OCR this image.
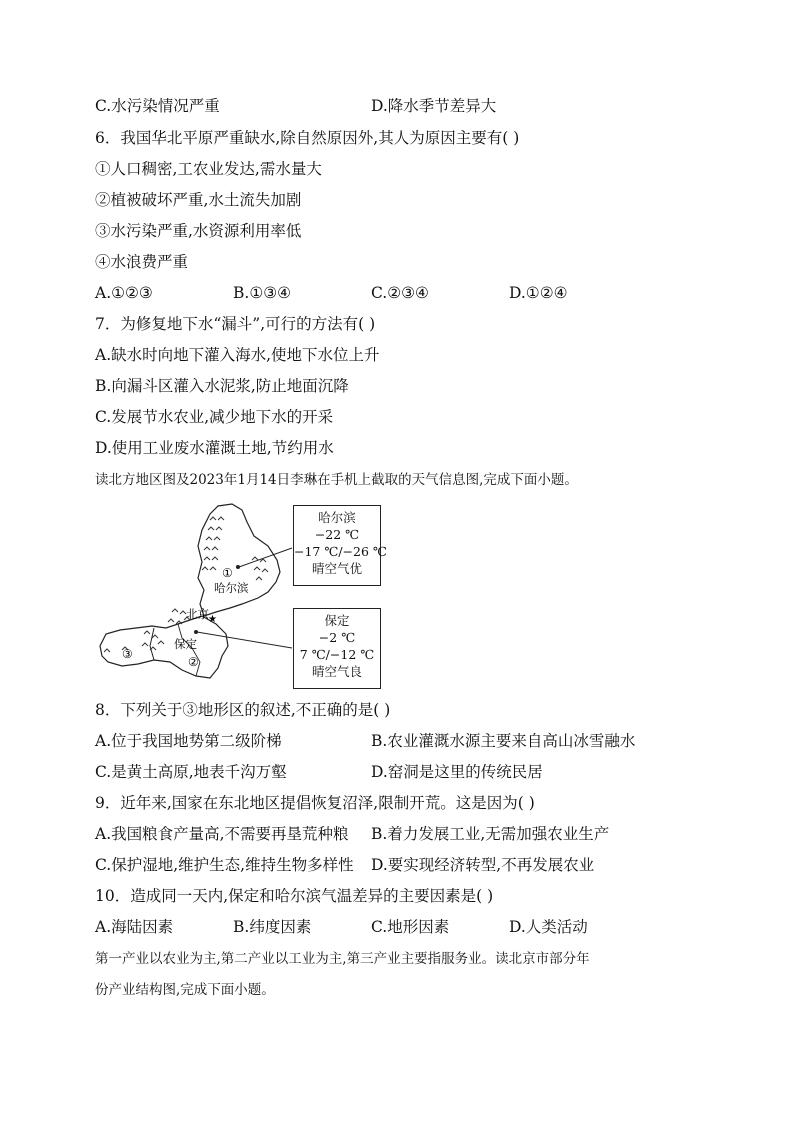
C.水污染情况严重	D.降水季节差异大
6．我国华北平原严重缺水,除自然原因外,其人为原因主要有( )
①人口稠密,工农业发达,需水量大
②植被破坏严重,水土流失加剧
③水污染严重,水资源利用率低
④水浪费严重
A.①②③	B.①③④	C.②③④	D.①②④
7．为修复地下水“漏斗”,可行的方法有( )
A.缺水时向地下灌入海水,使地下水位上升
B.向漏斗区灌入水泥浆,防止地面沉降
C.发展节水农业,减少地下水的开采
D.使用工业废水灌溉土地,节约用水
读北方地区图及2023年1月14日李琳在手机上截取的天气信息图,完成下面小题。
①
②
③
哈尔滨
北京 ★
保定
哈尔滨
−22 ℃
−17 ℃/−26 ℃
晴空气优
保定
−2 ℃
7 ℃/−12 ℃
晴空气良
8．下列关于③地形区的叙述,不正确的是( )
A.位于我国地势第二级阶梯	B.农业灌溉水源主要来自高山冰雪融水
C.是黄土高原,地表千沟万壑	D.窑洞是这里的传统民居
9．近年来,国家在东北地区提倡恢复沼泽,限制开荒。这是因为( )
A.我国粮食产量高,不需要再垦荒种粮 B.着力发展工业,无需加强农业生产
C.保护湿地,维护生态,维持生物多样性 D.要实现经济转型,不再发展农业
10．造成同一天内,保定和哈尔滨气温差异的主要因素是( )
A.海陆因素	B.纬度因素	C.地形因素	D.人类活动
第一产业以农业为主,第二产业以工业为主,第三产业主要指服务业。读北京市部分年
份产业结构图,完成下面小题。
